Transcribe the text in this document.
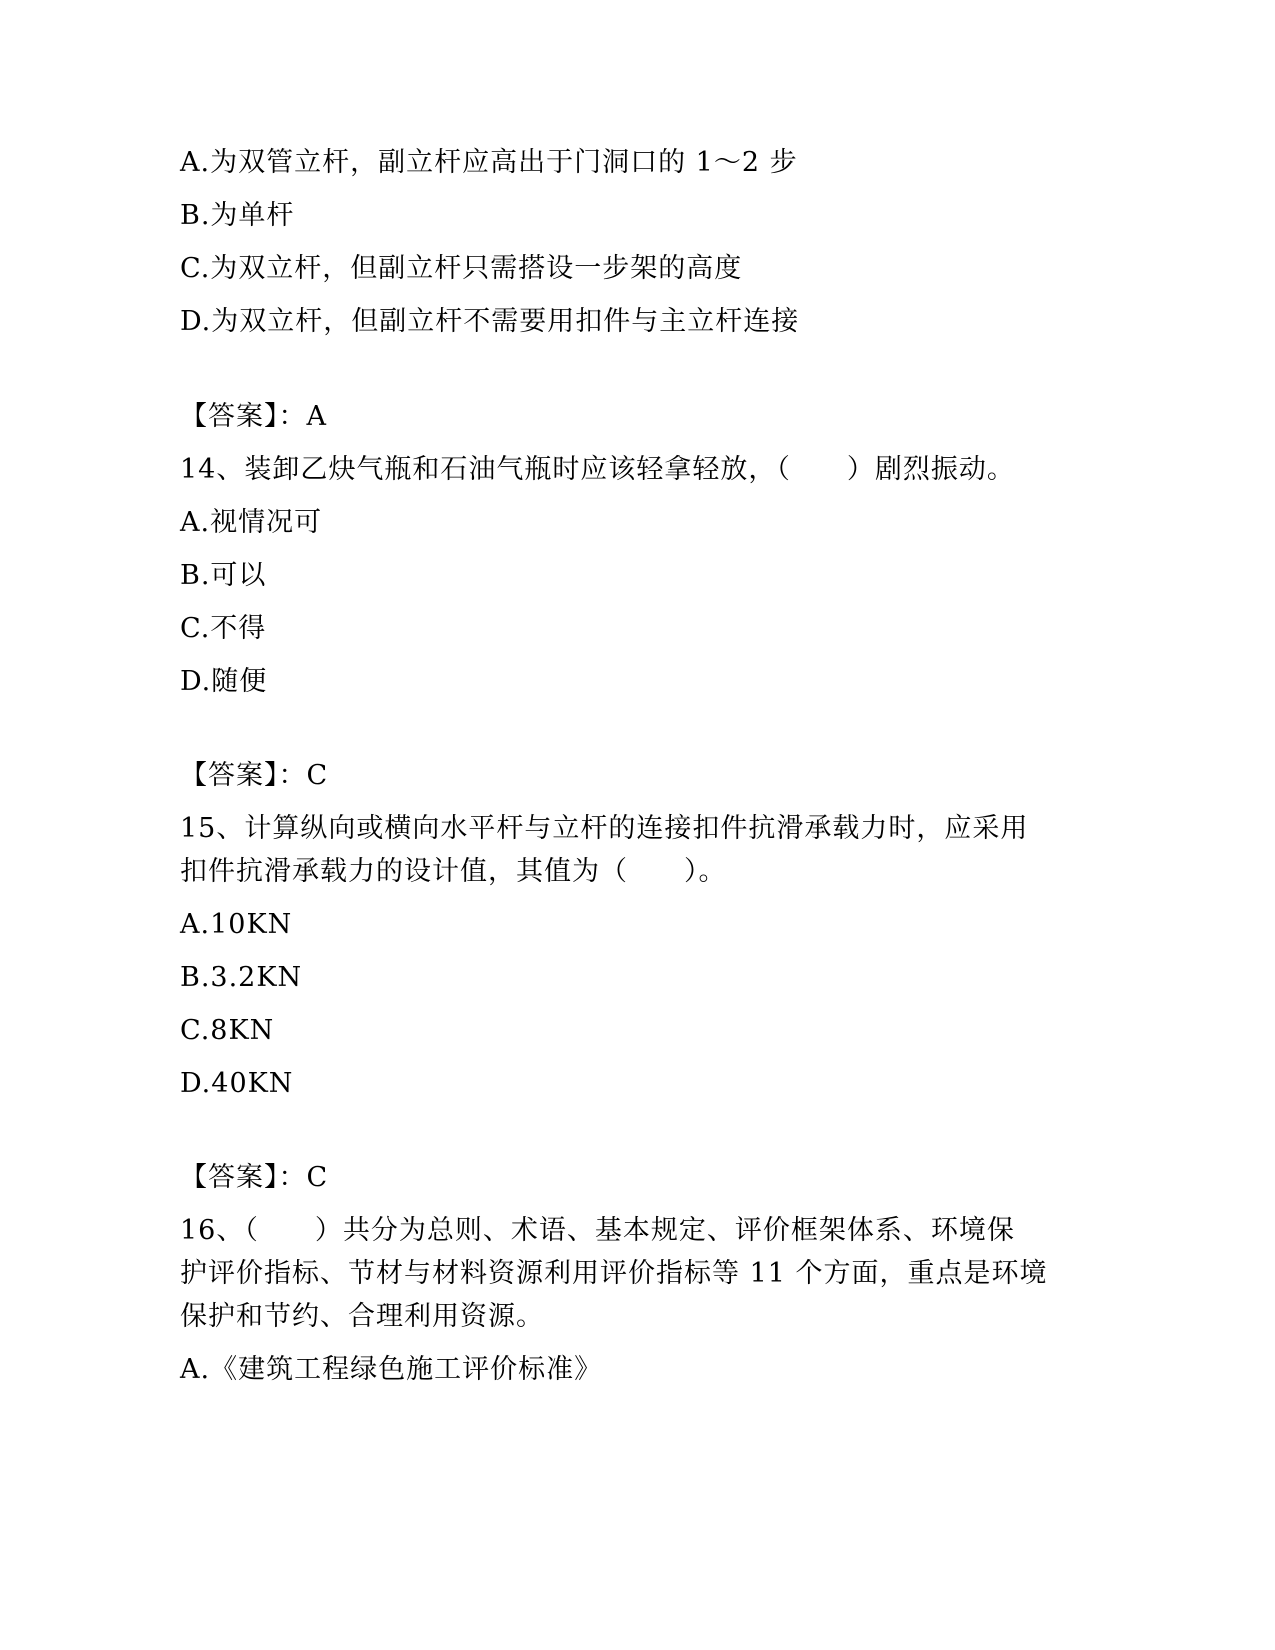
A.为双管立杆，副立杆应高出于门洞口的 1～2 步
B.为单杆
C.为双立杆，但副立杆只需搭设一步架的高度
D.为双立杆，但副立杆不需要用扣件与主立杆连接
【答案】：A
14、装卸乙炔气瓶和石油气瓶时应该轻拿轻放，（　　）剧烈振动。
A.视情况可
B.可以
C.不得
D.随便
【答案】：C
15、计算纵向或横向水平杆与立杆的连接扣件抗滑承载力时，应采用
扣件抗滑承载力的设计值，其值为（　　）。
A.10KN
B.3.2KN
C.8KN
D.40KN
【答案】：C
16、（　　）共分为总则、术语、基本规定、评价框架体系、环境保
护评价指标、节材与材料资源利用评价指标等 11 个方面，重点是环境
保护和节约、合理利用资源。
A.《建筑工程绿色施工评价标准》
